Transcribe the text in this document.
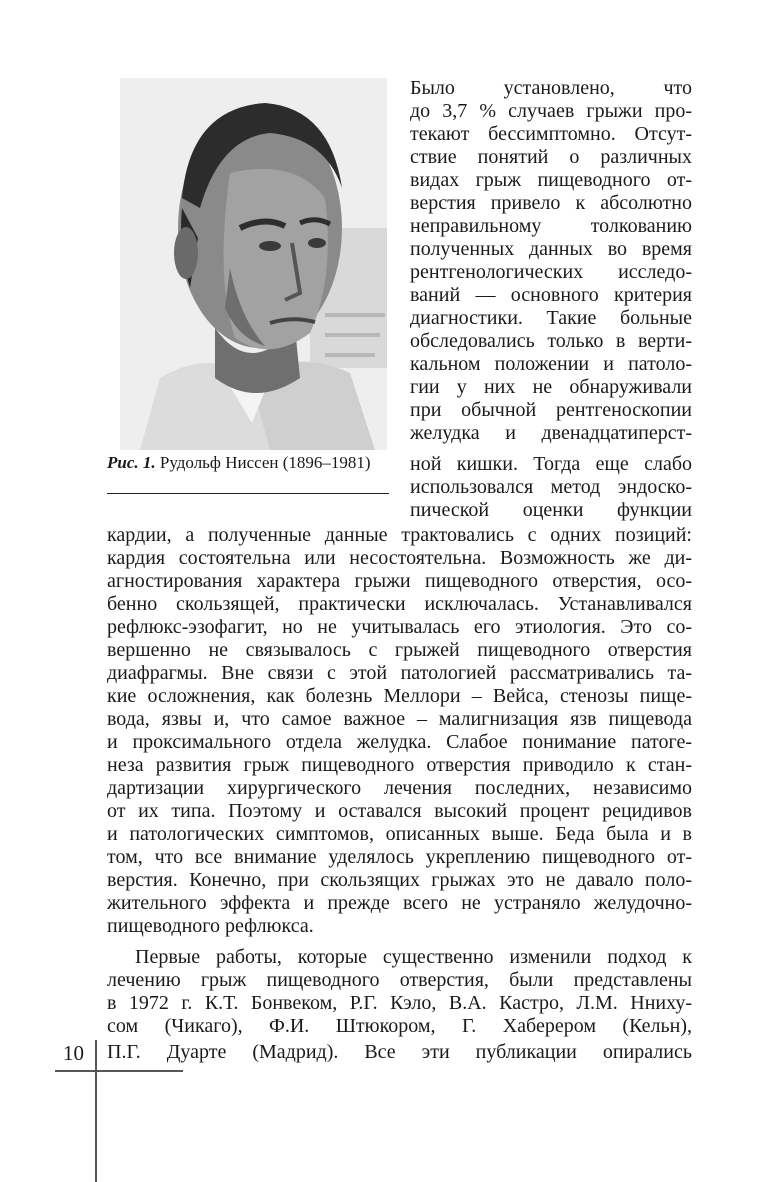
Рис. 1. Рудольф Ниссен (1896–1981)
Было установлено, что
до 3,7 % случаев грыжи про-
текают бессимптомно. Отсут-
ствие понятий о различных
видах грыж пищеводного от-
верстия привело к абсолютно
неправильному толкованию
полученных данных во время
рентгенологических исследо-
ваний — основного критерия
диагностики. Такие больные
обследовались только в верти-
кальном положении и патоло-
гии у них не обнаруживали
при обычной рентгеноскопии
желудка и двенадцатиперст-
ной кишки. Тогда еще слабо
использовался метод эндоско-
пической оценки функции
кардии, а полученные данные трактовались с одних позиций:
кардия состоятельна или несостоятельна. Возможность же ди-
агностирования характера грыжи пищеводного отверстия, осо-
бенно скользящей, практически исключалась. Устанавливался
рефлюкс-эзофагит, но не учитывалась его этиология. Это со-
вершенно не связывалось с грыжей пищеводного отверстия
диафрагмы. Вне связи с этой патологией рассматривались та-
кие осложнения, как болезнь Меллори – Вейса, стенозы пище-
вода, язвы и, что самое важное – малигнизация язв пищевода
и проксимального отдела желудка. Слабое понимание патоге-
неза развития грыж пищеводного отверстия приводило к стан-
дартизации хирургического лечения последних, независимо
от их типа. Поэтому и оставался высокий процент рецидивов
и патологических симптомов, описанных выше. Беда была и в
том, что все внимание уделялось укреплению пищеводного от-
верстия. Конечно, при скользящих грыжах это не давало поло-
жительного эффекта и прежде всего не устраняло желудочно-
пищеводного рефлюкса.
Первые работы, которые существенно изменили подход к
лечению грыж пищеводного отверстия, были представлены
в 1972 г. К.Т. Бонвеком, Р.Г. Кэло, В.А. Кастро, Л.М. Нниху-
сом (Чикаго), Ф.И. Штюкором, Г. Хаберером (Кельн),
П.Г. Дуарте (Мадрид). Все эти публикации опирались
10
